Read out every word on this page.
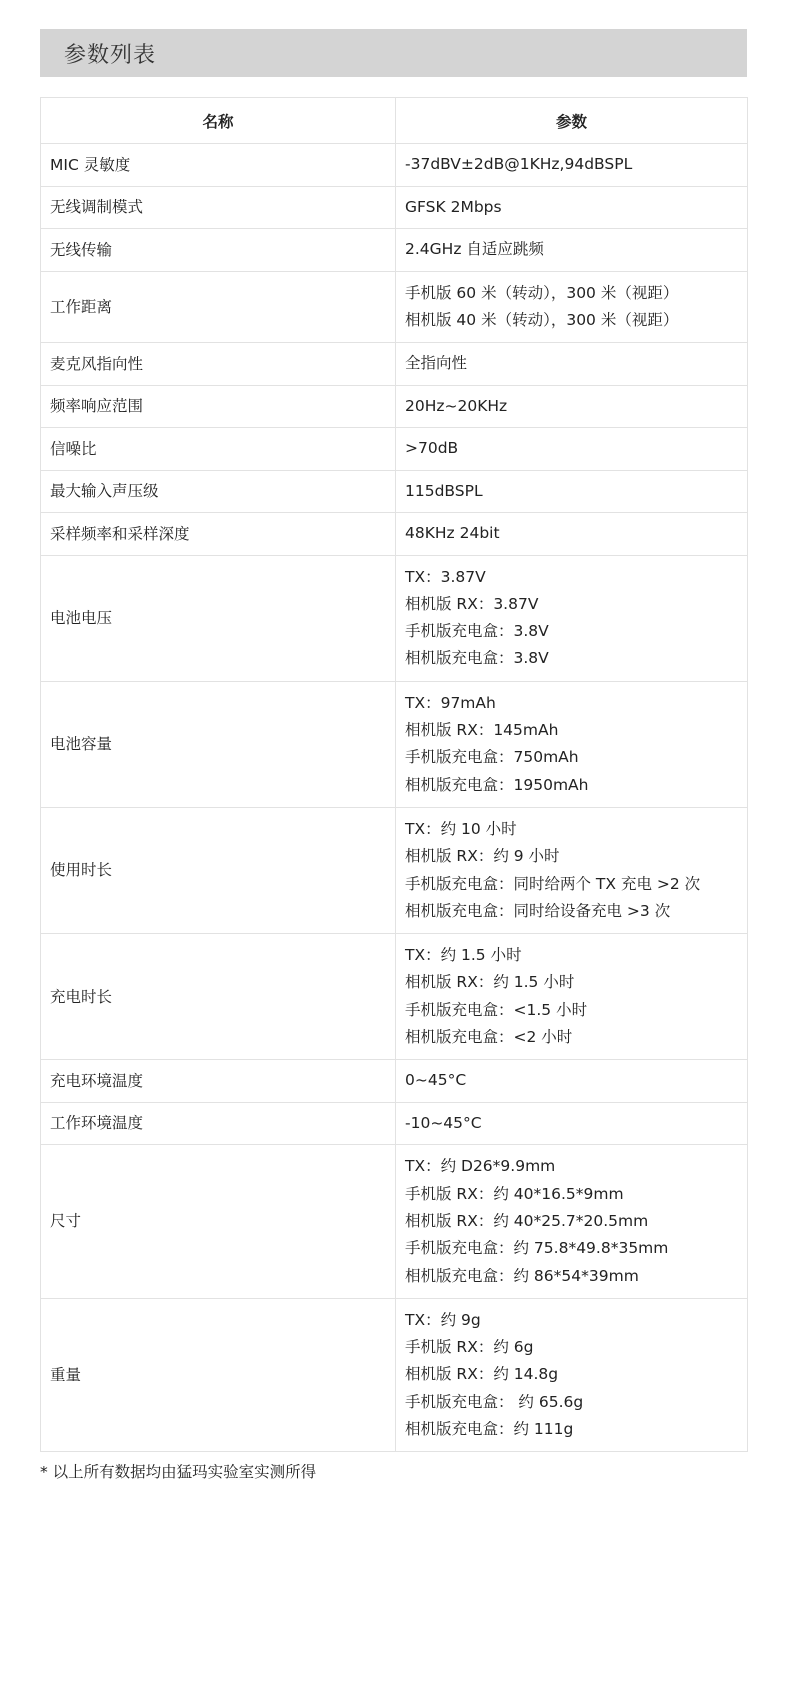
参数列表
名称	参数
MIC 灵敏度	-37dBV±2dB@1KHz,94dBSPL

无线调制模式	GFSK 2Mbps

无线传输	2.4GHz 自适应跳频

工作距离	手机版 60 米（转动），300 米（视距）
相机版 40 米（转动），300 米（视距）

麦克风指向性	全指向性

频率响应范围	20Hz~20KHz

信噪比	>70dB

最大输入声压级	115dBSPL

采样频率和采样深度	48KHz 24bit

电池电压	TX：3.87V
相机版 RX：3.87V
手机版充电盒：3.8V
相机版充电盒：3.8V

电池容量	TX：97mAh
相机版 RX：145mAh
手机版充电盒：750mAh
相机版充电盒：1950mAh

使用时长	TX：约 10 小时
相机版 RX：约 9 小时
手机版充电盒：同时给两个 TX 充电 >2 次
相机版充电盒：同时给设备充电 >3 次

充电时长	TX：约 1.5 小时
相机版 RX：约 1.5 小时
手机版充电盒：<1.5 小时
相机版充电盒：<2 小时

充电环境温度	0~45°C

工作环境温度	-10~45°C

尺寸	TX：约 D26*9.9mm
手机版 RX：约 40*16.5*9mm
相机版 RX：约 40*25.7*20.5mm
手机版充电盒：约 75.8*49.8*35mm
相机版充电盒：约 86*54*39mm

重量	TX：约 9g
手机版 RX：约 6g
相机版 RX：约 14.8g
手机版充电盒： 约 65.6g
相机版充电盒：约 111g
* 以上所有数据均由猛玛实验室实测所得
